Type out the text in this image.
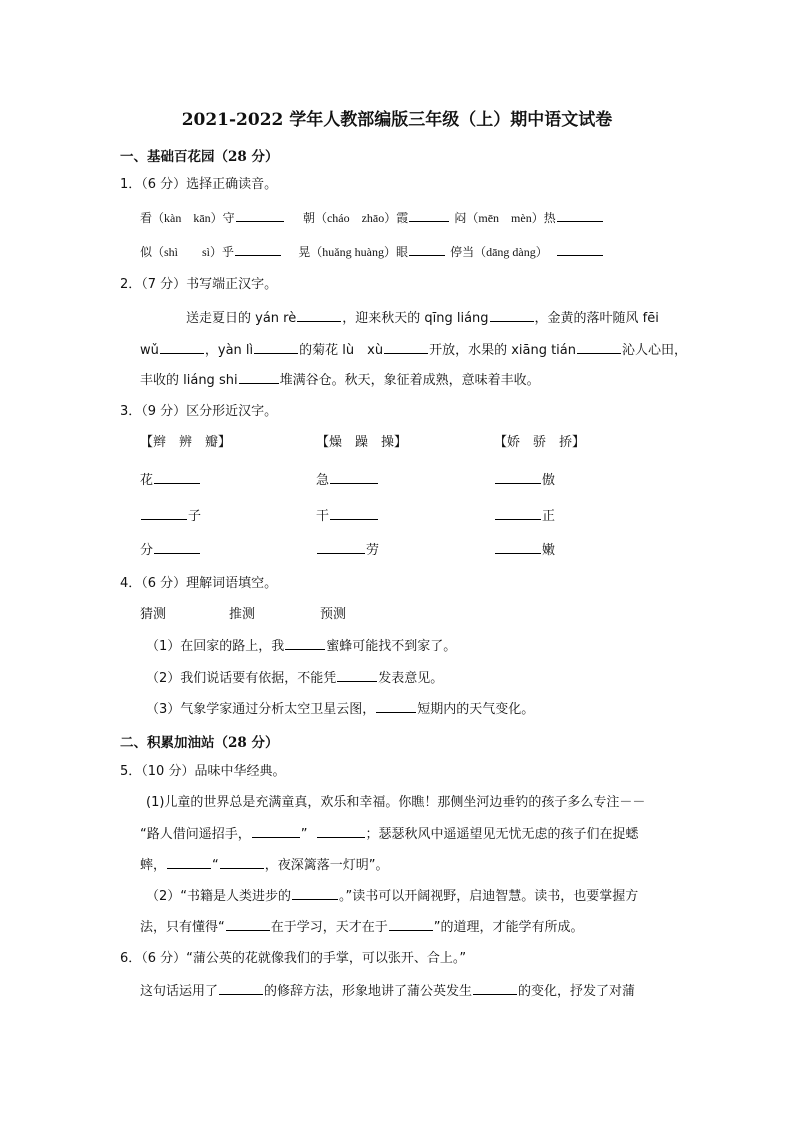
2021-2022 学年人教部编版三年级（上）期中语文试卷
一、基础百花园（28 分）
1．（6 分）选择正确读音。
看（kàn　kān）守	朝（cháo　zhāo）霞	闷（mēn　mèn）热
似（shì　　sì）乎	晃（huǎng huàng）眼	停当（dāng dàng）
2．（7 分）书写端正汉字。
送走夏日的 yán rè	，迎来秋天的 qīng liáng	，金黄的落叶随风 fēi
wǔ	，yàn lì	的菊花 lù　xù	开放，水果的 xiāng tián	沁人心田，
丰收的 liáng shi	堆满谷仓。秋天，象征着成熟，意味着丰收。
3．（9 分）区分形近汉字。
【辫　辨　瓣】	【燥　躁　操】	【娇　骄　挢】
花	急	傲
子	干	正
分	劳	嫩
4．（6 分）理解词语填空。
猜测	推测	预测
（1）在回家的路上，我	蜜蜂可能找不到家了。
（2）我们说话要有依据，不能凭	发表意见。
（3）气象学家通过分析太空卫星云图，	短期内的天气变化。
二、积累加油站（28 分）
5．（10 分）品味中华经典。
(1)儿童的世界总是充满童真，欢乐和幸福。你瞧！那侧坐河边垂钓的孩子多么专注－－
“路人借问遥招手，	”	；瑟瑟秋风中遥遥望见无忧无虑的孩子们在捉蟋
蟀，	“	，夜深篱落一灯明”。
（2）“书籍是人类进步的	。”读书可以开阔视野，启迪智慧。读书，也要掌握方
法，只有懂得“	在于学习，天才在于	”的道理，才能学有所成。
6．（6 分）“蒲公英的花就像我们的手掌，可以张开、合上。”
这句话运用了	的修辞方法，形象地讲了蒲公英发生	的变化，抒发了对蒲
